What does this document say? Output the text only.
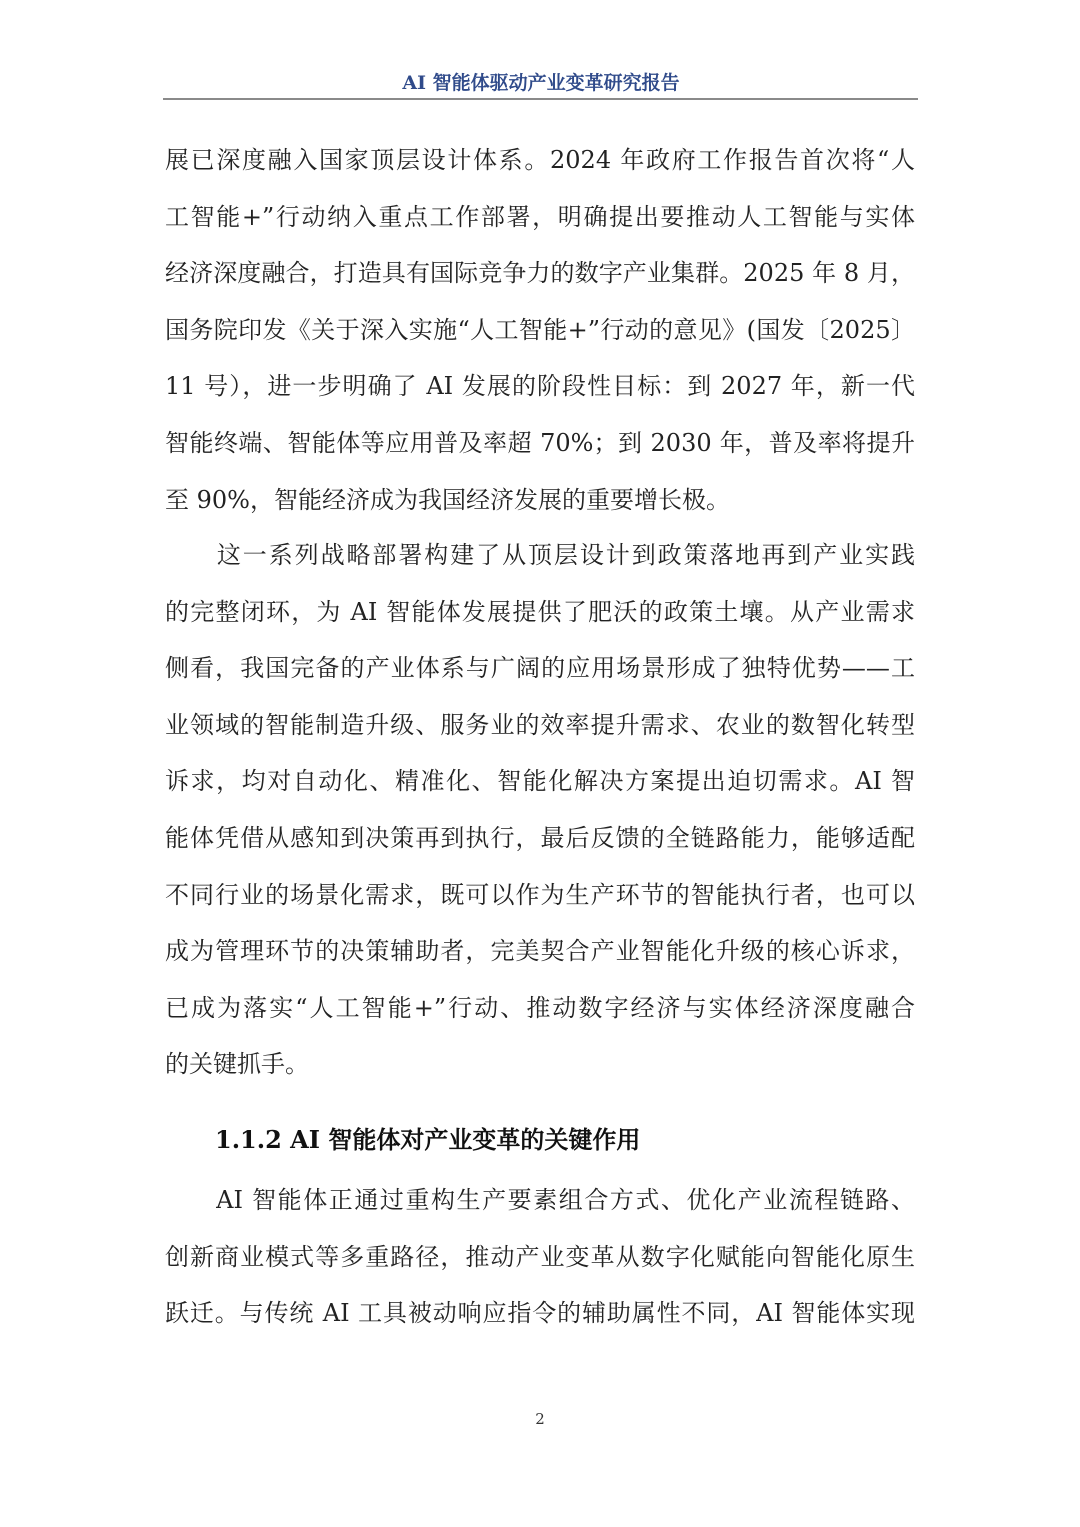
AI 智能体驱动产业变革研究报告
展已深度融入国家顶层设计体系。2024 年政府工作报告首次将“人
工智能+”行动纳入重点工作部署，明确提出要推动人工智能与实体
经济深度融合，打造具有国际竞争力的数字产业集群。2025 年 8 月，
国务院印发《关于深入实施“人工智能+”行动的意见》(国发〔2025〕
11 号），进一步明确了 AI 发展的阶段性目标：到 2027 年，新一代
智能终端、智能体等应用普及率超 70%；到 2030 年，普及率将提升
至 90%，智能经济成为我国经济发展的重要增长极。
　　这一系列战略部署构建了从顶层设计到政策落地再到产业实践
的完整闭环，为 AI 智能体发展提供了肥沃的政策土壤。从产业需求
侧看，我国完备的产业体系与广阔的应用场景形成了独特优势——工
业领域的智能制造升级、服务业的效率提升需求、农业的数智化转型
诉求，均对自动化、精准化、智能化解决方案提出迫切需求。AI 智
能体凭借从感知到决策再到执行，最后反馈的全链路能力，能够适配
不同行业的场景化需求，既可以作为生产环节的智能执行者，也可以
成为管理环节的决策辅助者，完美契合产业智能化升级的核心诉求，
已成为落实“人工智能+”行动、推动数字经济与实体经济深度融合
的关键抓手。
1.1.2 AI 智能体对产业变革的关键作用
　　AI 智能体正通过重构生产要素组合方式、优化产业流程链路、
创新商业模式等多重路径，推动产业变革从数字化赋能向智能化原生
跃迁。与传统 AI 工具被动响应指令的辅助属性不同，AI 智能体实现
2
